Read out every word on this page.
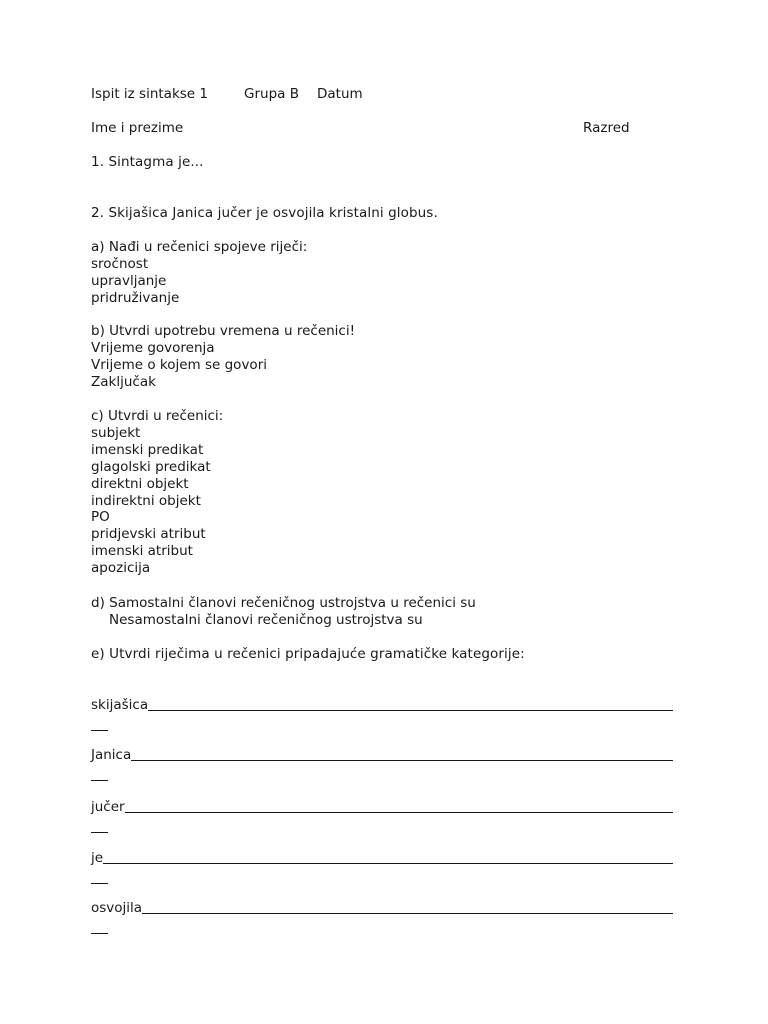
Ispit iz sintakse 1	Grupa B Datum
Ime i prezime	Razred
1. Sintagma je...
2. Skijašica Janica jučer je osvojila kristalni globus.
a) Nađi u rečenici spojeve riječi:
sročnost
upravljanje
pridruživanje
b) Utvrdi upotrebu vremena u rečenici!
Vrijeme govorenja
Vrijeme o kojem se govori
Zaključak
c) Utvrdi u rečenici:
subjekt
imenski predikat
glagolski predikat
direktni objekt
indirektni objekt
PO
pridjevski atribut
imenski atribut
apozicija
d) Samostalni članovi rečeničnog ustrojstva u rečenici su
Nesamostalni članovi rečeničnog ustrojstva su
e) Utvrdi riječima u rečenici pripadajuće gramatičke kategorije:
skijašica
Janica
jučer
je
osvojila
